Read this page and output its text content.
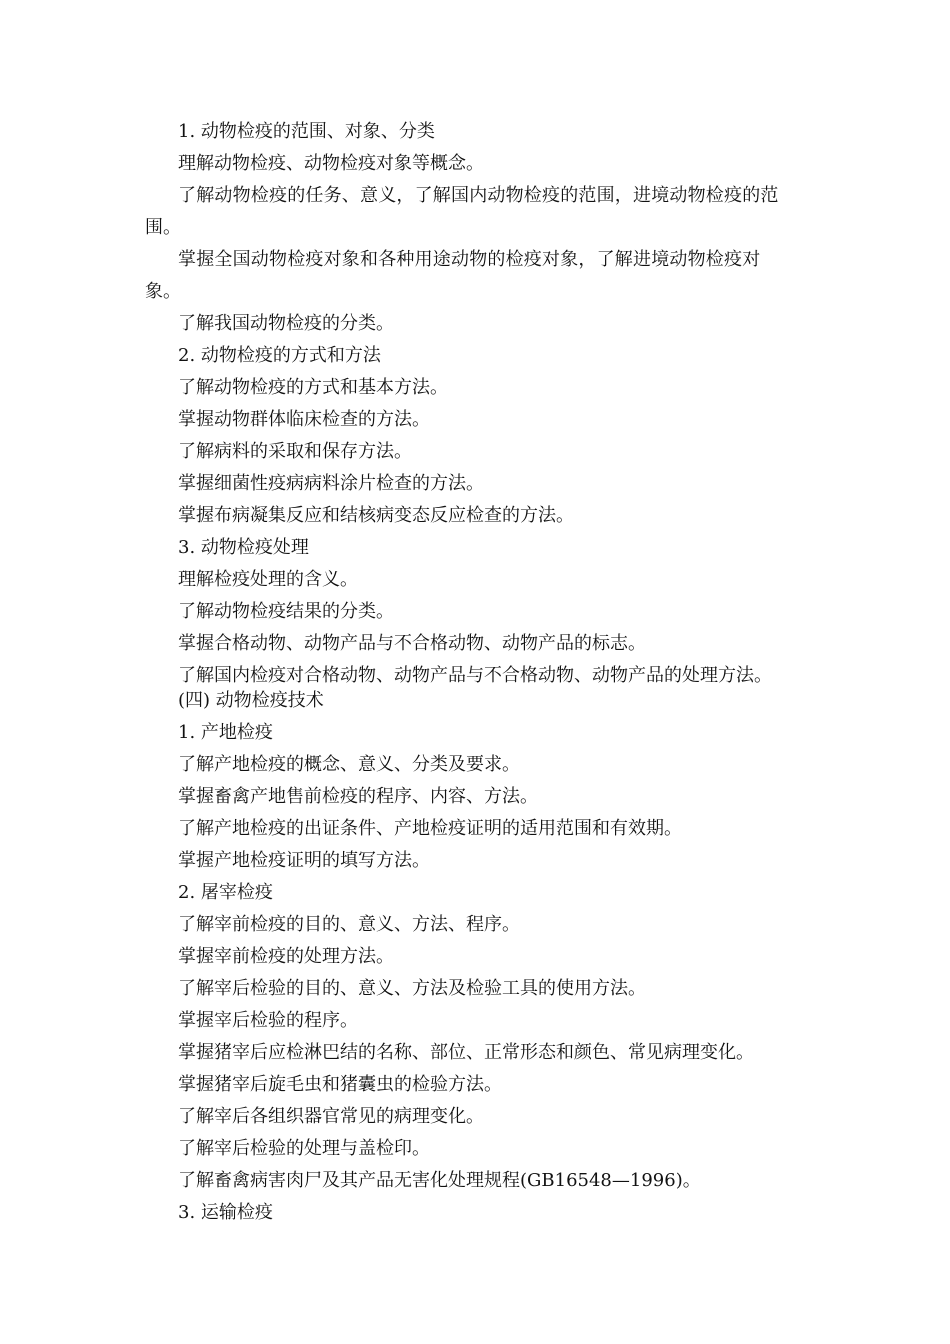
1. 动物检疫的范围、对象、分类
理解动物检疫、动物检疫对象等概念。
了解动物检疫的任务、意义，了解国内动物检疫的范围，进境动物检疫的范
围。
掌握全国动物检疫对象和各种用途动物的检疫对象，了解进境动物检疫对
象。
了解我国动物检疫的分类。
2. 动物检疫的方式和方法
了解动物检疫的方式和基本方法。
掌握动物群体临床检查的方法。
了解病料的采取和保存方法。
掌握细菌性疫病病料涂片检查的方法。
掌握布病凝集反应和结核病变态反应检查的方法。
3. 动物检疫处理
理解检疫处理的含义。
了解动物检疫结果的分类。
掌握合格动物、动物产品与不合格动物、动物产品的标志。
了解国内检疫对合格动物、动物产品与不合格动物、动物产品的处理方法。
(四) 动物检疫技术
1. 产地检疫
了解产地检疫的概念、意义、分类及要求。
掌握畜禽产地售前检疫的程序、内容、方法。
了解产地检疫的出证条件、产地检疫证明的适用范围和有效期。
掌握产地检疫证明的填写方法。
2. 屠宰检疫
了解宰前检疫的目的、意义、方法、程序。
掌握宰前检疫的处理方法。
了解宰后检验的目的、意义、方法及检验工具的使用方法。
掌握宰后检验的程序。
掌握猪宰后应检淋巴结的名称、部位、正常形态和颜色、常见病理变化。
掌握猪宰后旋毛虫和猪囊虫的检验方法。
了解宰后各组织器官常见的病理变化。
了解宰后检验的处理与盖检印。
了解畜禽病害肉尸及其产品无害化处理规程(GB16548—1996)。
3. 运输检疫
